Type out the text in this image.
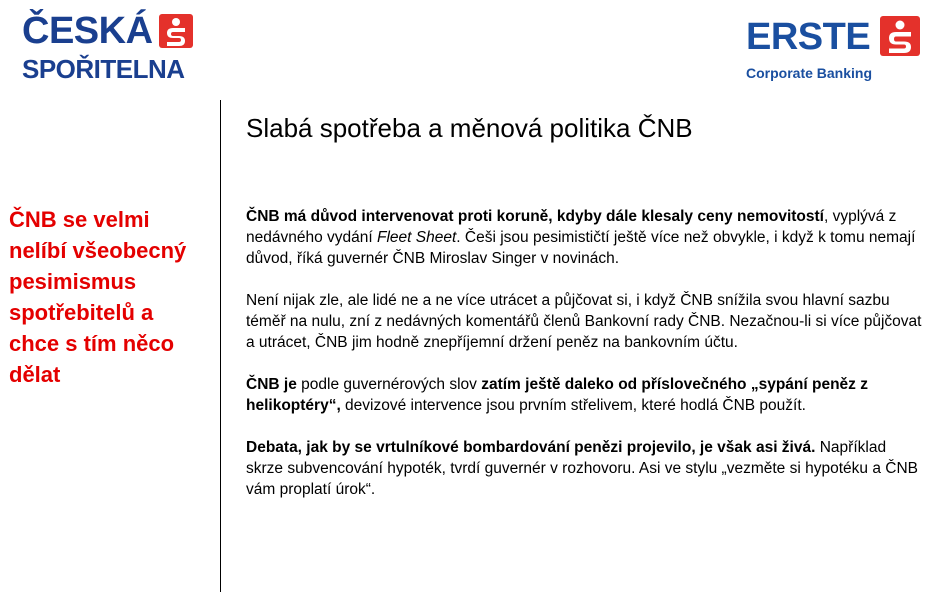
ČESKÁ
SPOŘITELNA
ERSTE
Corporate Banking
ČNB se velmi nelíbí všeobecný pesimismus spotřebitelů a chce s tím něco dělat
Slabá spotřeba a měnová politika ČNB

ČNB má důvod intervenovat proti koruně, kdyby dále klesaly ceny nemovitostí, vyplývá z nedávného vydání Fleet Sheet. Češi jsou pesimističtí ještě více než obvykle, i když k tomu nemají důvod, říká guvernér ČNB Miroslav Singer v novinách.

Není nijak zle, ale lidé ne a ne více utrácet a půjčovat si, i když ČNB snížila svou hlavní sazbu téměř na nulu, zní z nedávných komentářů členů Bankovní rady ČNB. Nezačnou-li si více půjčovat a utrácet, ČNB jim hodně znepříjemní držení peněz na bankovním účtu.

ČNB je podle guvernérových slov zatím ještě daleko od příslovečného „sypání peněz z helikoptéry“, devizové intervence jsou prvním střelivem, které hodlá ČNB použít.

Debata, jak by se vrtulníkové bombardování penězi projevilo, je však asi živá. Například skrze subvencování hypoték, tvrdí guvernér v rozhovoru. Asi ve stylu „vezměte si hypotéku a ČNB vám proplatí úrok“.
